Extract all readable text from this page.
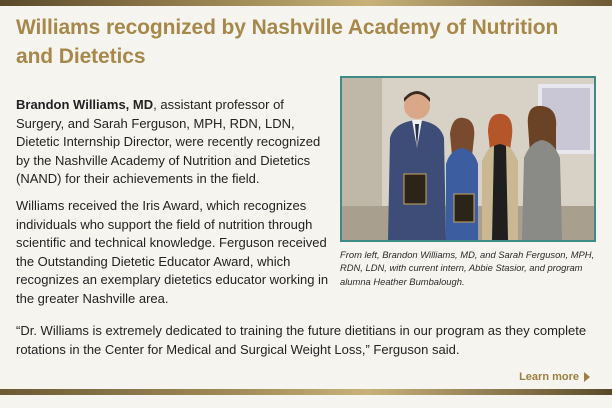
Williams recognized by Nashville Academy of Nutrition
and Dietetics

Brandon Williams, MD, assistant professor of Surgery, and Sarah Ferguson, MPH, RDN, LDN, Dietetic Internship Director, were recently recognized by the Nashville Academy of Nutrition and Dietetics (NAND) for their achievements in the field.

Williams received the Iris Award, which recognizes individuals who support the field of nutrition through scientific and technical knowledge. Ferguson received the Outstanding Dietetic Educator Award, which recognizes an exemplary dietetics educator working in the greater Nashville area.

From left, Brandon Williams, MD, and Sarah Ferguson, MPH, RDN, LDN, with current intern, Abbie Stasior, and program alumna Heather Bumbalough.

“Dr. Williams is extremely dedicated to training the future dietitians in our program as they complete rotations in the Center for Medical and Surgical Weight Loss,” Ferguson said.

Learn more
